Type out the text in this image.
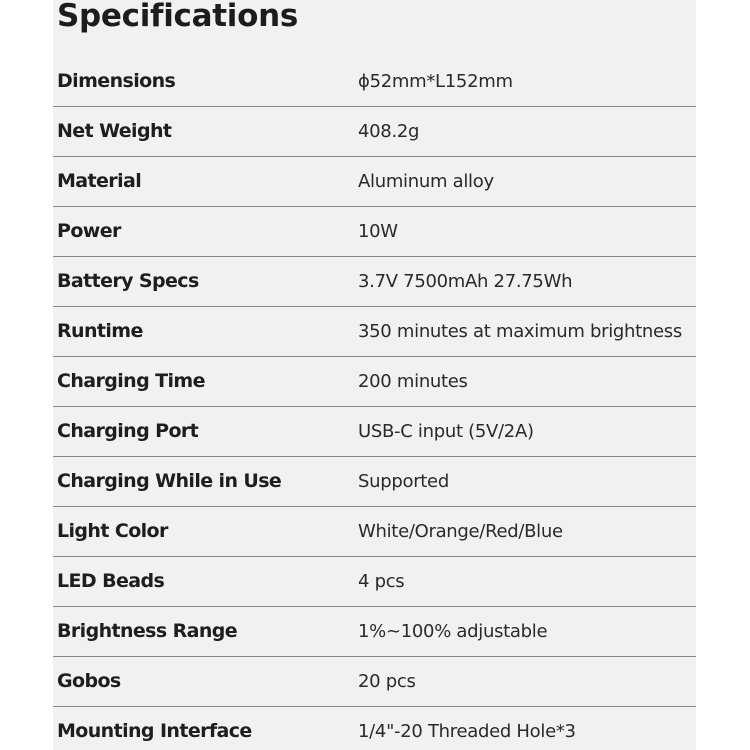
Specifications
Dimensions	ϕ52mm*L152mm
Net Weight	408.2g
Material	Aluminum alloy
Power	10W
Battery Specs	3.7V 7500mAh 27.75Wh
Runtime	350 minutes at maximum brightness
Charging Time	200 minutes
Charging Port	USB-C input (5V/2A)
Charging While in Use	Supported
Light Color	White/Orange/Red/Blue
LED Beads	4 pcs
Brightness Range	1%~100% adjustable
Gobos	20 pcs
Mounting Interface	1/4"-20 Threaded Hole*3
